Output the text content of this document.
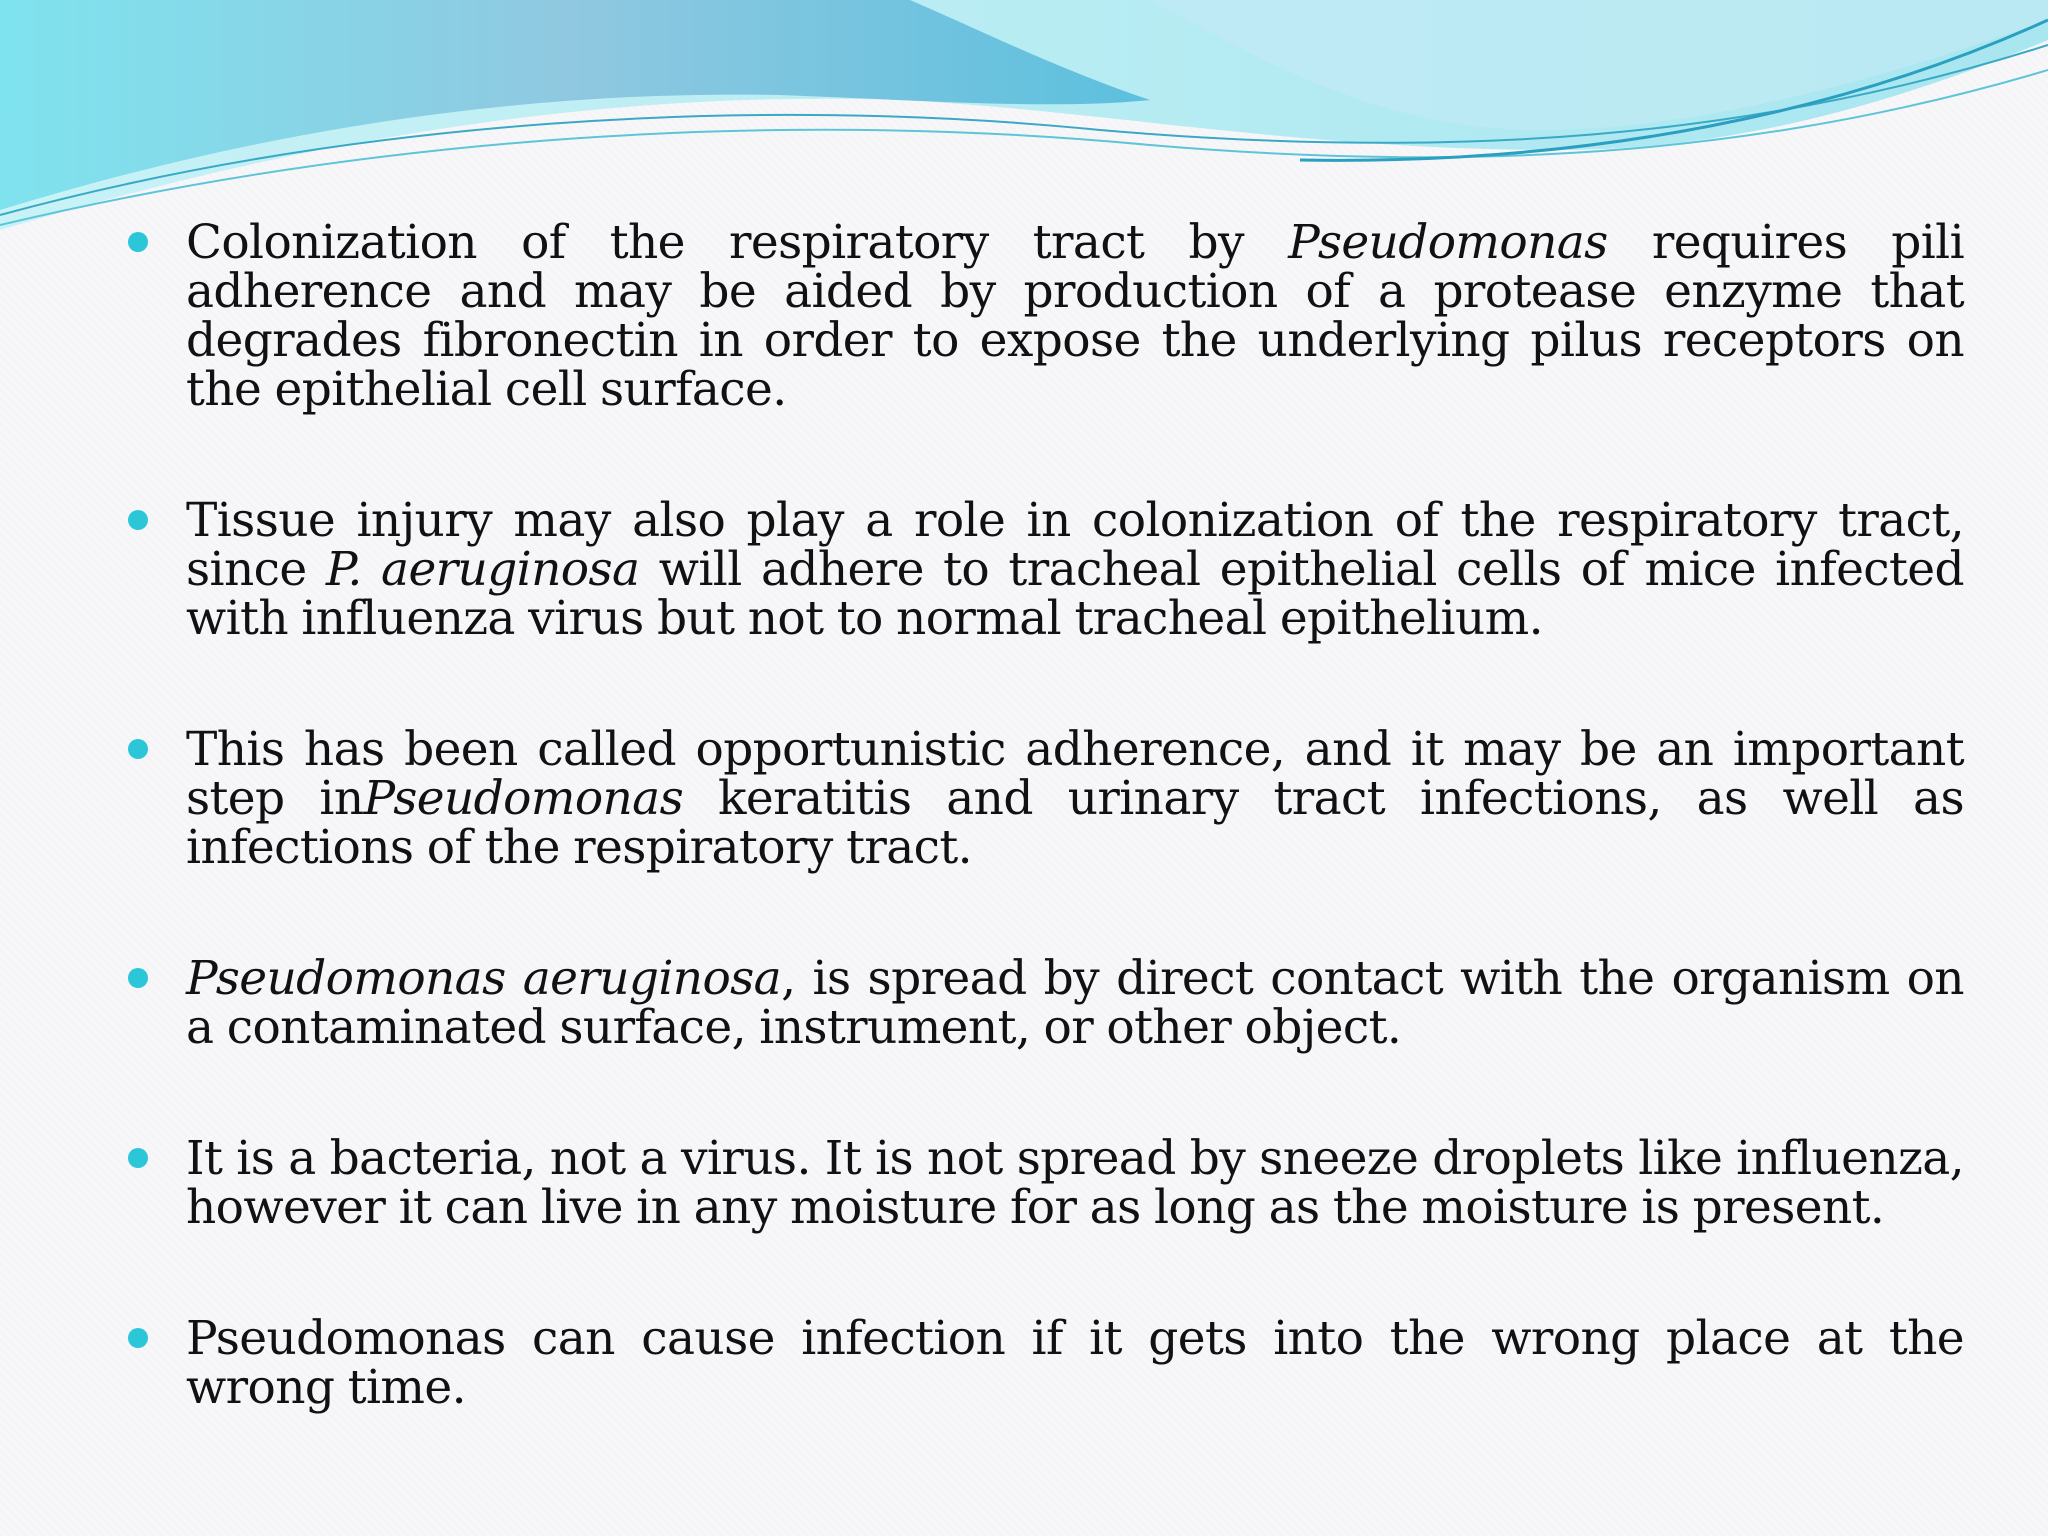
Colonization of the respiratory tract by Pseudomonas requires pili adherence and may be aided by production of a protease enzyme that degrades fibronectin in order to expose the underlying pilus receptors on the epithelial cell surface.
Tissue injury may also play a role in colonization of the respiratory tract, since P. aeruginosa will adhere to tracheal epithelial cells of mice infected with influenza virus but not to normal tracheal epithelium.
This has been called opportunistic adherence, and it may be an important step inPseudomonas keratitis and urinary tract infections, as well as infections of the respiratory tract.
Pseudomonas aeruginosa, is spread by direct contact with the organism on a contaminated surface, instrument, or other object.
It is a bacteria, not a virus. It is not spread by sneeze droplets like influenza, however it can live in any moisture for as long as the moisture is present.
Pseudomonas can cause infection if it gets into the wrong place at the wrong time.
